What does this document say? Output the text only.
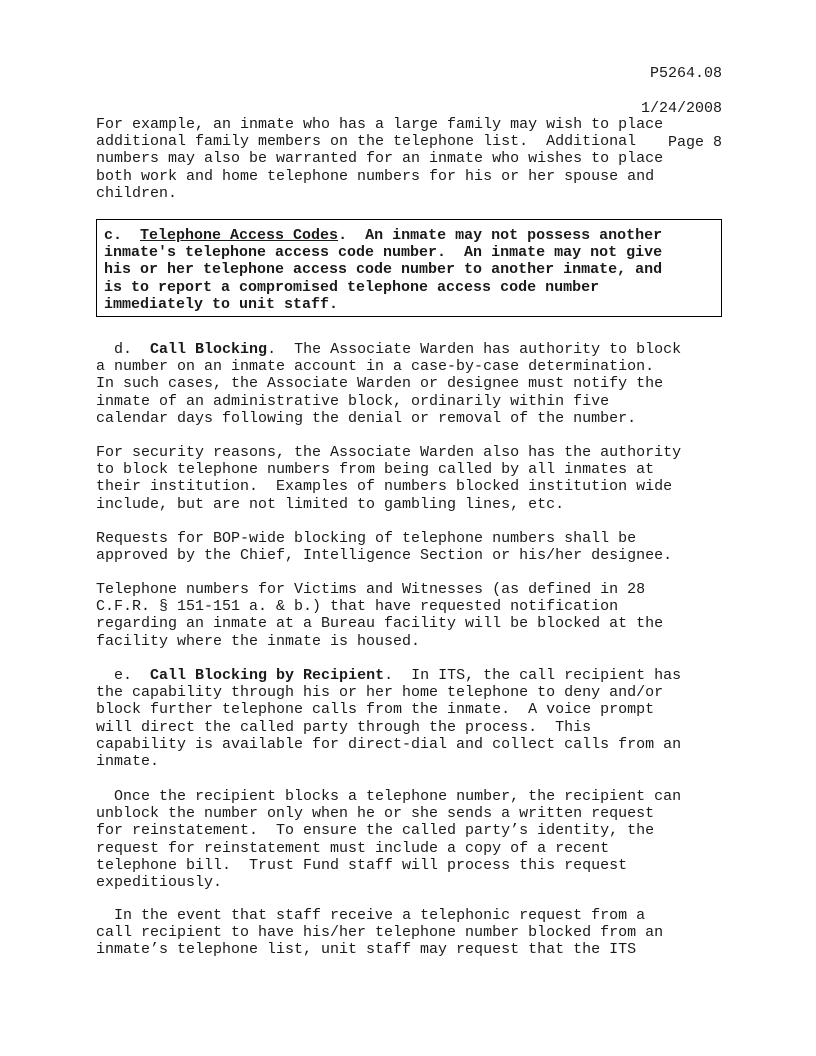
P5264.08

1/24/2008

Page 8

For example, an inmate who has a large family may wish to place
additional family members on the telephone list.  Additional
numbers may also be warranted for an inmate who wishes to place
both work and home telephone numbers for his or her spouse and
children.

c.  Telephone Access Codes.  An inmate may not possess another
inmate's telephone access code number.  An inmate may not give
his or her telephone access code number to another inmate, and
is to report a compromised telephone access code number
immediately to unit staff.

d.  Call Blocking.  The Associate Warden has authority to block
a number on an inmate account in a case-by-case determination.
In such cases, the Associate Warden or designee must notify the
inmate of an administrative block, ordinarily within five
calendar days following the denial or removal of the number.

For security reasons, the Associate Warden also has the authority
to block telephone numbers from being called by all inmates at
their institution.  Examples of numbers blocked institution wide
include, but are not limited to gambling lines, etc.

Requests for BOP-wide blocking of telephone numbers shall be
approved by the Chief, Intelligence Section or his/her designee.

Telephone numbers for Victims and Witnesses (as defined in 28
C.F.R. § 151-151 a. & b.) that have requested notification
regarding an inmate at a Bureau facility will be blocked at the
facility where the inmate is housed.

e.  Call Blocking by Recipient.  In ITS, the call recipient has
the capability through his or her home telephone to deny and/or
block further telephone calls from the inmate.  A voice prompt
will direct the called party through the process.  This
capability is available for direct-dial and collect calls from an
inmate.

Once the recipient blocks a telephone number, the recipient can
unblock the number only when he or she sends a written request
for reinstatement.  To ensure the called party’s identity, the
request for reinstatement must include a copy of a recent
telephone bill.  Trust Fund staff will process this request
expeditiously.

In the event that staff receive a telephonic request from a
call recipient to have his/her telephone number blocked from an
inmate’s telephone list, unit staff may request that the ITS
